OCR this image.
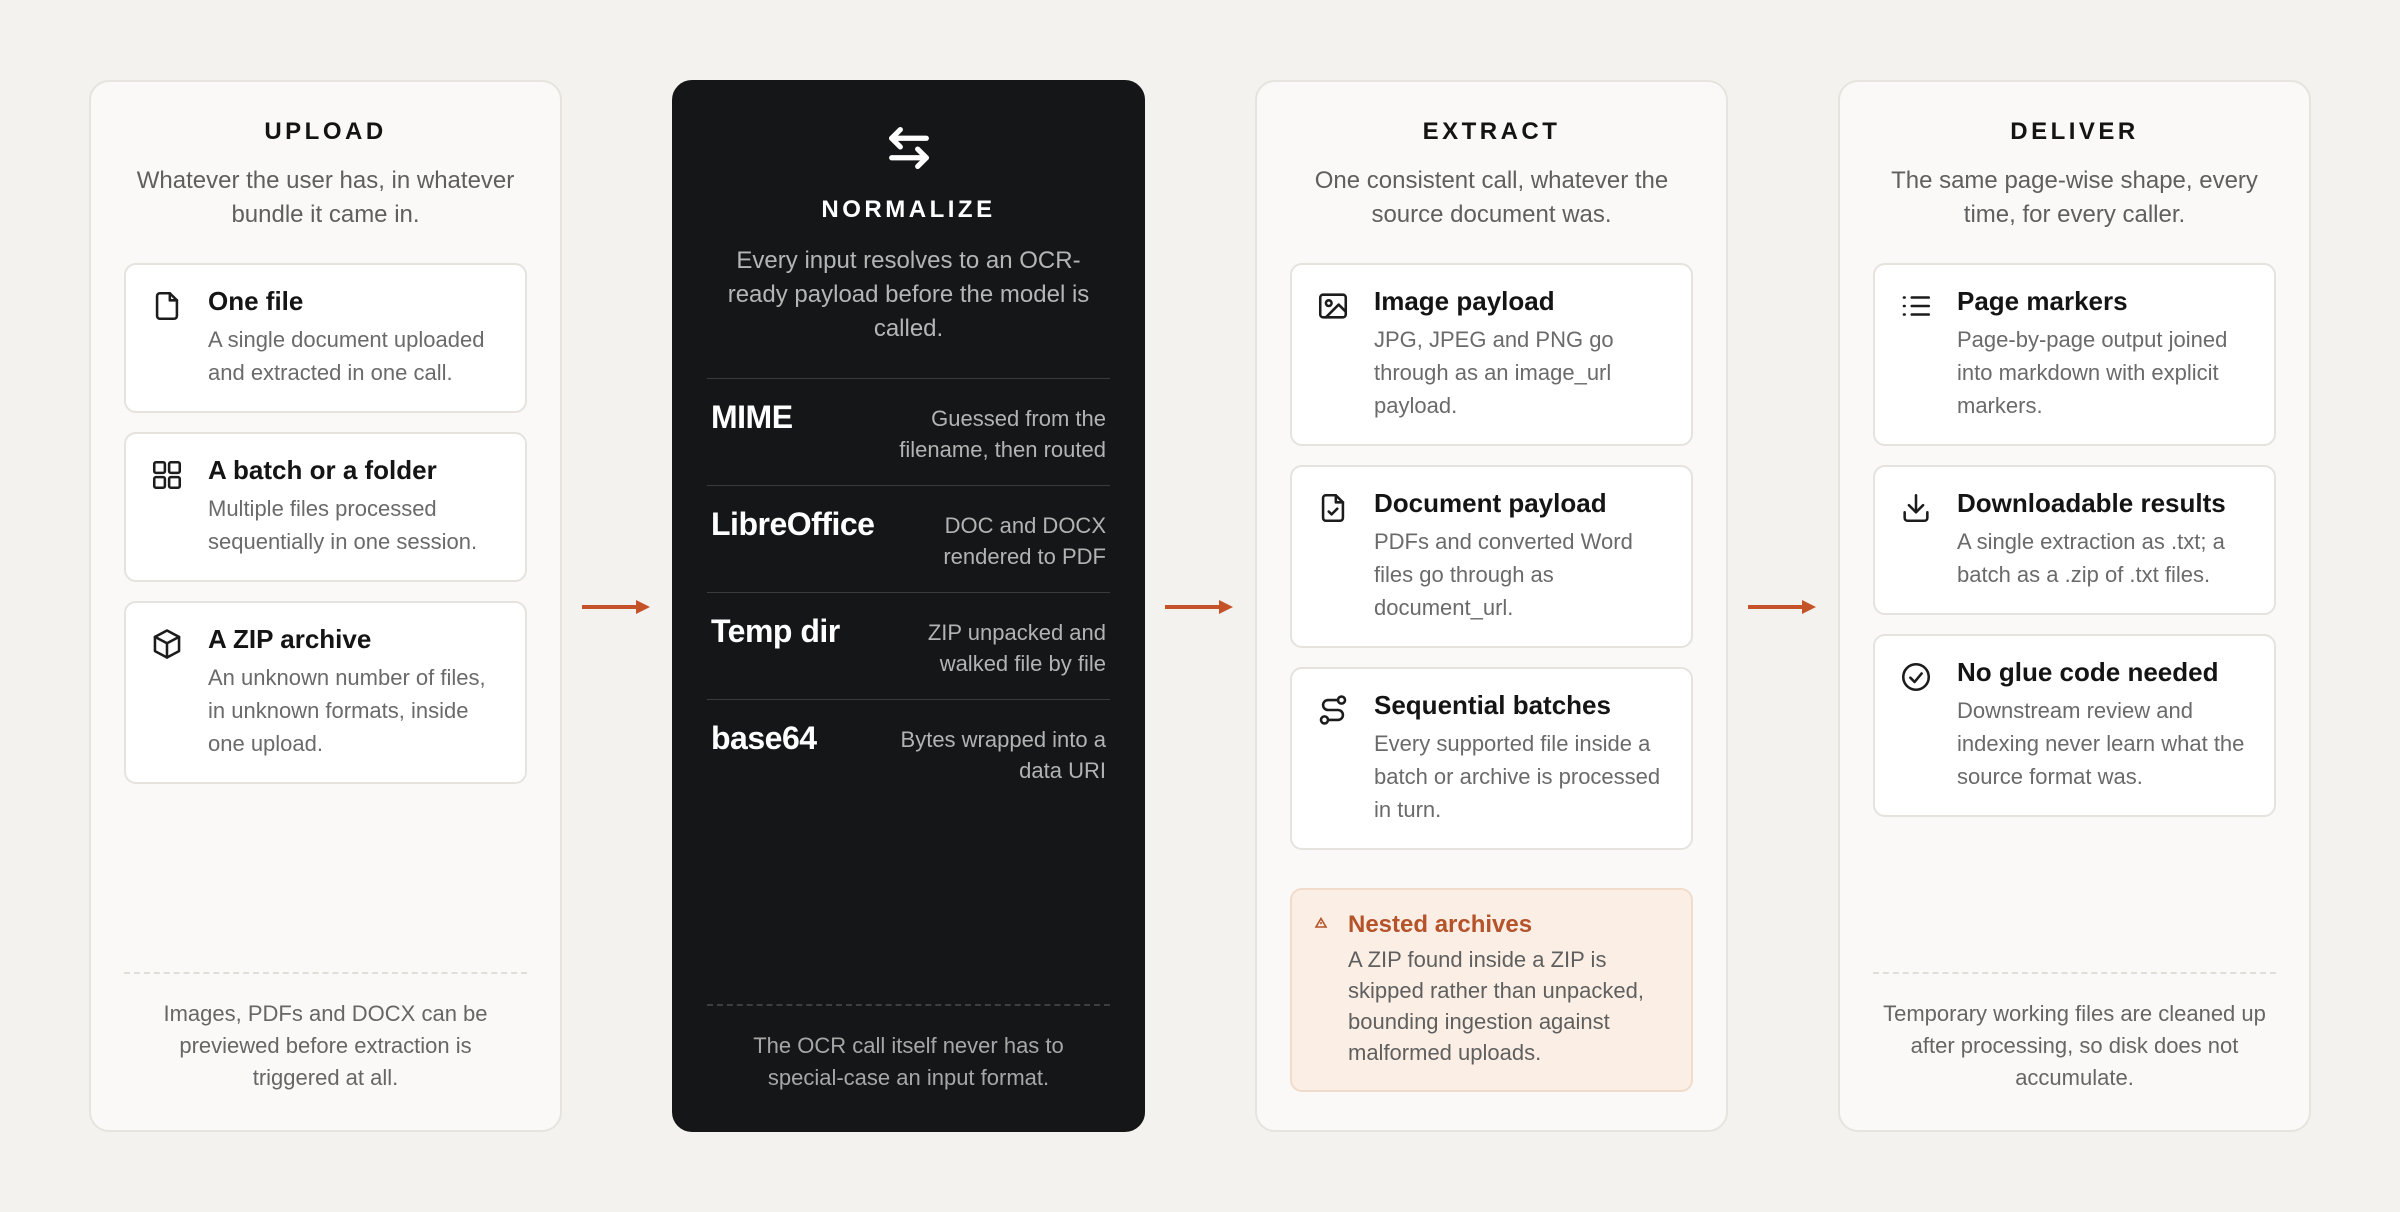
UPLOAD
Whatever the user has, in whatever bundle it came in.
One file
A single document uploaded and extracted in one call.
A batch or a folder
Multiple files processed sequentially in one session.
A ZIP archive
An unknown number of files, in unknown formats, inside one upload.
Images, PDFs and DOCX can be previewed before extraction is triggered at all.
NORMALIZE
Every input resolves to an OCR-ready payload before the model is called.
MIME	Guessed from the filename, then routed
LibreOffice	DOC and DOCX rendered to PDF
Temp dir	ZIP unpacked and walked file by file
base64	Bytes wrapped into a data URI
The OCR call itself never has to special-case an input format.
EXTRACT
One consistent call, whatever the source document was.
Image payload
JPG, JPEG and PNG go through as an image_url payload.
Document payload
PDFs and converted Word files go through as document_url.
Sequential batches
Every supported file inside a batch or archive is processed in turn.
Nested archives
A ZIP found inside a ZIP is skipped rather than unpacked, bounding ingestion against malformed uploads.
DELIVER
The same page-wise shape, every time, for every caller.
Page markers
Page-by-page output joined into markdown with explicit markers.
Downloadable results
A single extraction as .txt; a batch as a .zip of .txt files.
No glue code needed
Downstream review and indexing never learn what the source format was.
Temporary working files are cleaned up after processing, so disk does not accumulate.
